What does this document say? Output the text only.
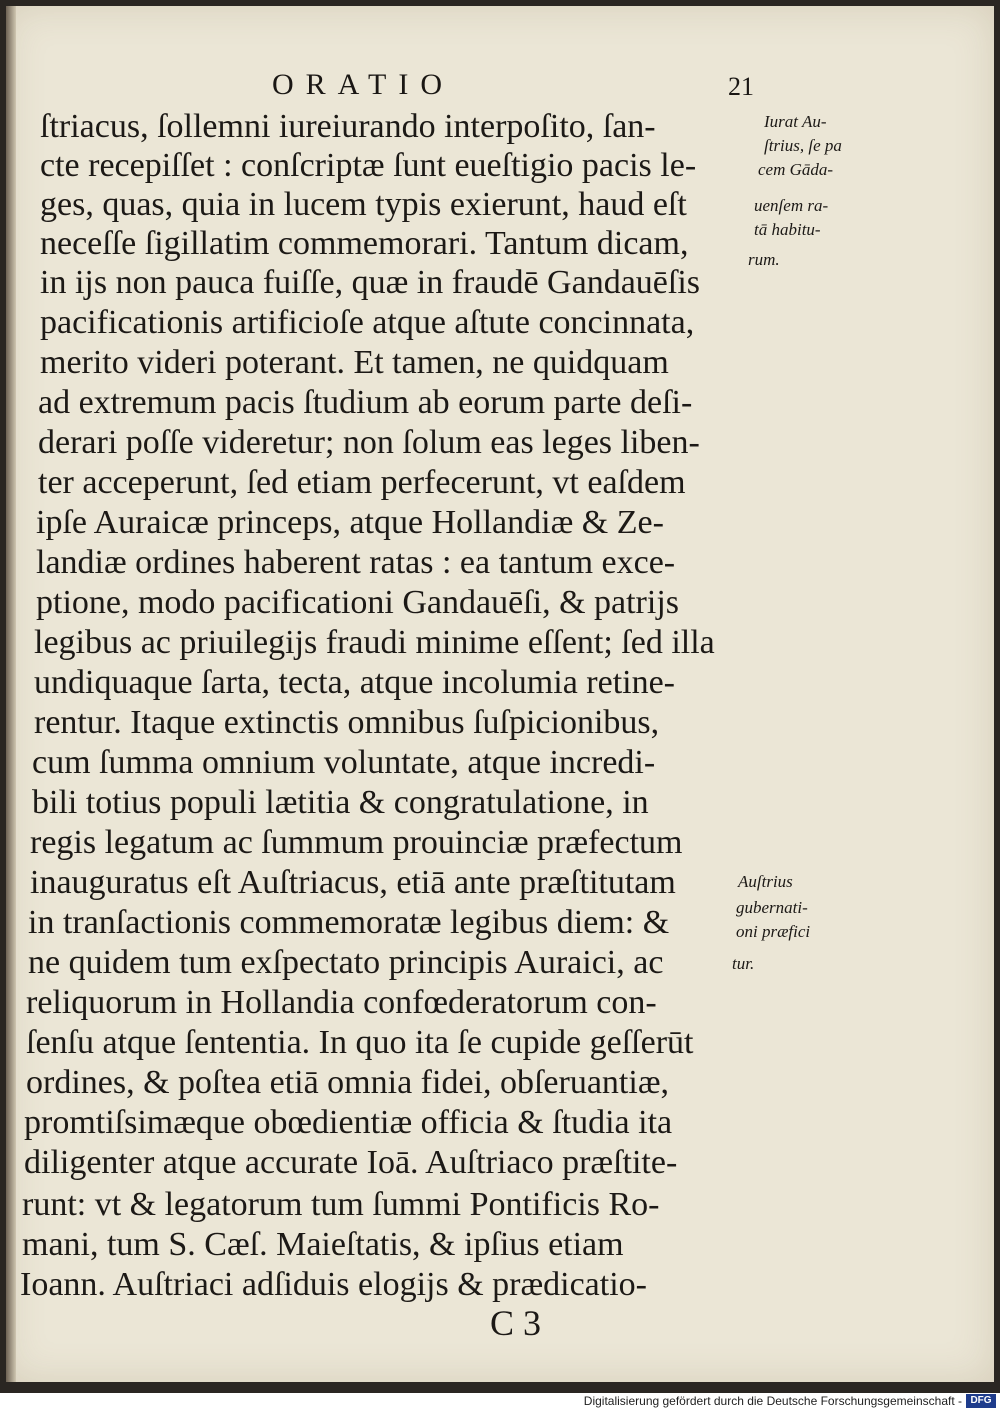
ORATIO	21
ſtriacus, ſollemni iureiurando interpoſito, ſan-
cte recepiſſet : conſcriptæ ſunt eueſtigio pacis le-
ges, quas, quia in lucem typis exierunt, haud eſt
neceſſe ſigillatim commemorari. Tantum dicam,
in ijs non pauca fuiſſe, quæ in fraudē Gandauēſis
pacificationis artificioſe atque aſtute concinnata,
merito videri poterant. Et tamen, ne quidquam
ad extremum pacis ſtudium ab eorum parte deſi-
derari poſſe videretur; non ſolum eas leges liben-
ter acceperunt, ſed etiam perfecerunt, vt eaſdem
ipſe Auraicæ princeps, atque Hollandiæ & Ze-
landiæ ordines haberent ratas : ea tantum exce-
ptione, modo pacificationi Gandauēſi, & patrijs
legibus ac priuilegijs fraudi minime eſſent; ſed illa
undiquaque ſarta, tecta, atque incolumia retine-
rentur. Itaque extinctis omnibus ſuſpicionibus,
cum ſumma omnium voluntate, atque incredi-
bili totius populi lætitia & congratulatione, in
regis legatum ac ſummum prouinciæ præfectum
inauguratus eſt Auſtriacus, etiā ante præſtitutam
in tranſactionis commemoratæ legibus diem: &
ne quidem tum exſpectato principis Auraici, ac
reliquorum in Hollandia confœderatorum con-
ſenſu atque ſententia. In quo ita ſe cupide geſſerūt
ordines, & poſtea etiā omnia fidei, obſeruantiæ,
promtiſsimæque obœdientiæ officia & ſtudia ita
diligenter atque accurate Ioā. Auſtriaco præſtite-
runt: vt & legatorum tum ſummi Pontificis Ro-
mani, tum S. Cæſ. Maieſtatis, & ipſius etiam
Ioann. Auſtriaci adſiduis elogijs & prædicatio-
Iurat Au-
ſtrius, ſe pa
cem Gāda-
uenſem ra-
tā habitu-
rum.
Auſtrius
gubernati-
oni præfici
tur.
C 3
Digitalisierung gefördert durch die Deutsche Forschungsgemeinschaft - DFG
